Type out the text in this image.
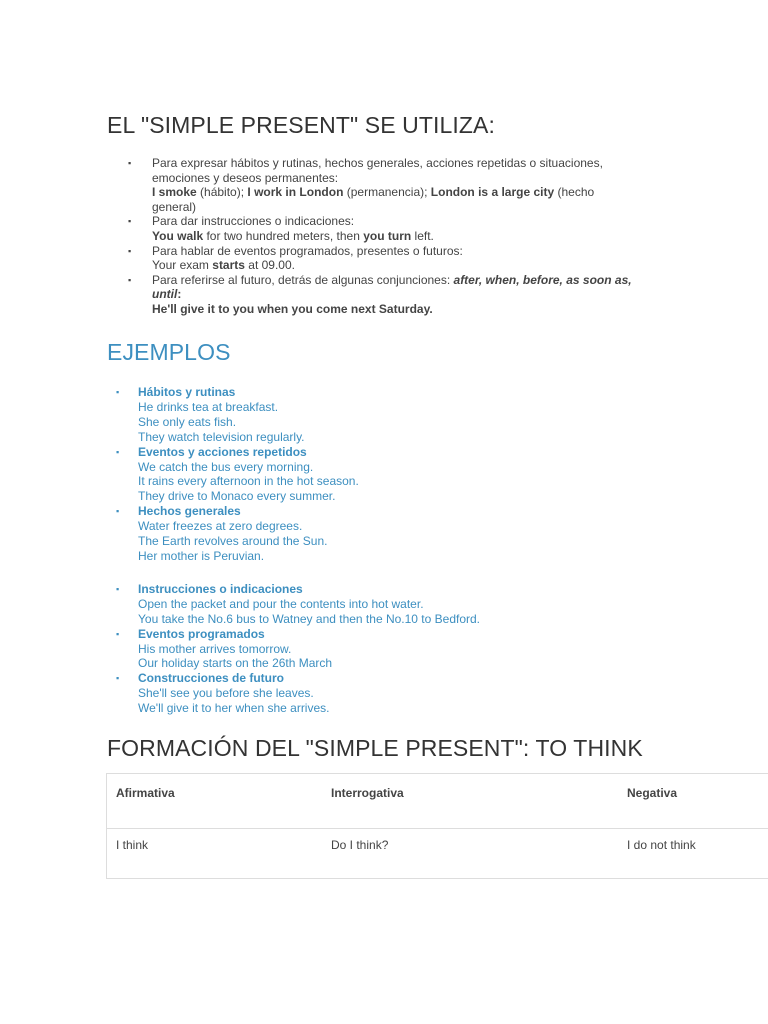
EL "SIMPLE PRESENT" SE UTILIZA:
▪ Para expresar hábitos y rutinas, hechos generales, acciones repetidas o situaciones,
emociones y deseos permanentes:
I smoke (hábito); I work in London (permanencia); London is a large city (hecho
general)
▪ Para dar instrucciones o indicaciones:
You walk for two hundred meters, then you turn left.
▪ Para hablar de eventos programados, presentes o futuros:
Your exam starts at 09.00.
▪ Para referirse al futuro, detrás de algunas conjunciones: after, when, before, as soon as,
until:
He'll give it to you when you come next Saturday.
EJEMPLOS
▪ Hábitos y rutinas
He drinks tea at breakfast.
She only eats fish.
They watch television regularly.
▪ Eventos y acciones repetidos
We catch the bus every morning.
It rains every afternoon in the hot season.
They drive to Monaco every summer.
▪ Hechos generales
Water freezes at zero degrees.
The Earth revolves around the Sun.
Her mother is Peruvian.
▪ Instrucciones o indicaciones
Open the packet and pour the contents into hot water.
You take the No.6 bus to Watney and then the No.10 to Bedford.
▪ Eventos programados
His mother arrives tomorrow.
Our holiday starts on the 26th March
▪ Construcciones de futuro
She'll see you before she leaves.
We'll give it to her when she arrives.
FORMACIÓN DEL "SIMPLE PRESENT": TO THINK
Afirmativa	Interrogativa	Negativa
I think	Do I think?	I do not think
